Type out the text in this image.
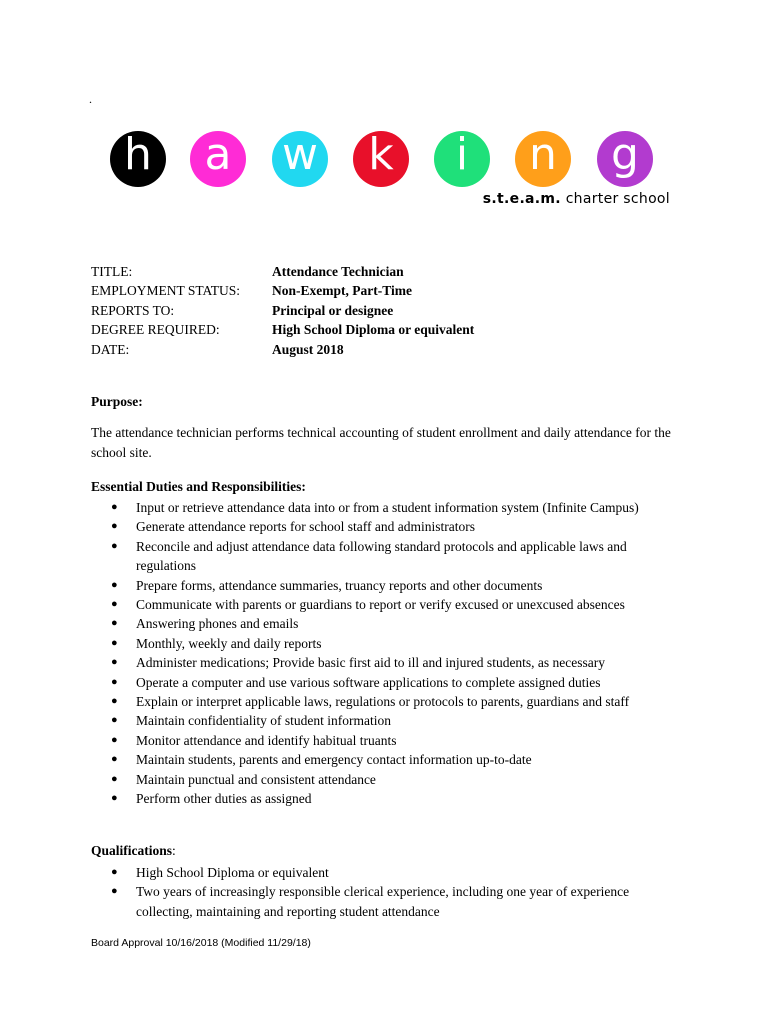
.
h	a	w	k	i	n	g
s.t.e.a.m. charter school
TITLE:	Attendance Technician
EMPLOYMENT STATUS:	Non-Exempt, Part-Time
REPORTS TO:	Principal or designee
DEGREE REQUIRED:	High School Diploma or equivalent
DATE:	August 2018
Purpose:
The attendance technician performs technical accounting of student enrollment and daily attendance for the school site.
Essential Duties and Responsibilities:
● Input or retrieve attendance data into or from a student information system (Infinite Campus)
● Generate attendance reports for school staff and administrators
● Reconcile and adjust attendance data following standard protocols and applicable laws and regulations
● Prepare forms, attendance summaries, truancy reports and other documents
● Communicate with parents or guardians to report or verify excused or unexcused absences
● Answering phones and emails
● Monthly, weekly and daily reports
● Administer medications; Provide basic first aid to ill and injured students, as necessary
● Operate a computer and use various software applications to complete assigned duties
● Explain or interpret applicable laws, regulations or protocols to parents, guardians and staff
● Maintain confidentiality of student information
● Monitor attendance and identify habitual truants
● Maintain students, parents and emergency contact information up-to-date
● Maintain punctual and consistent attendance
● Perform other duties as assigned
Qualifications:
● High School Diploma or equivalent
● Two years of increasingly responsible clerical experience, including one year of experience collecting, maintaining and reporting student attendance
Board Approval 10/16/2018 (Modified 11/29/18)
